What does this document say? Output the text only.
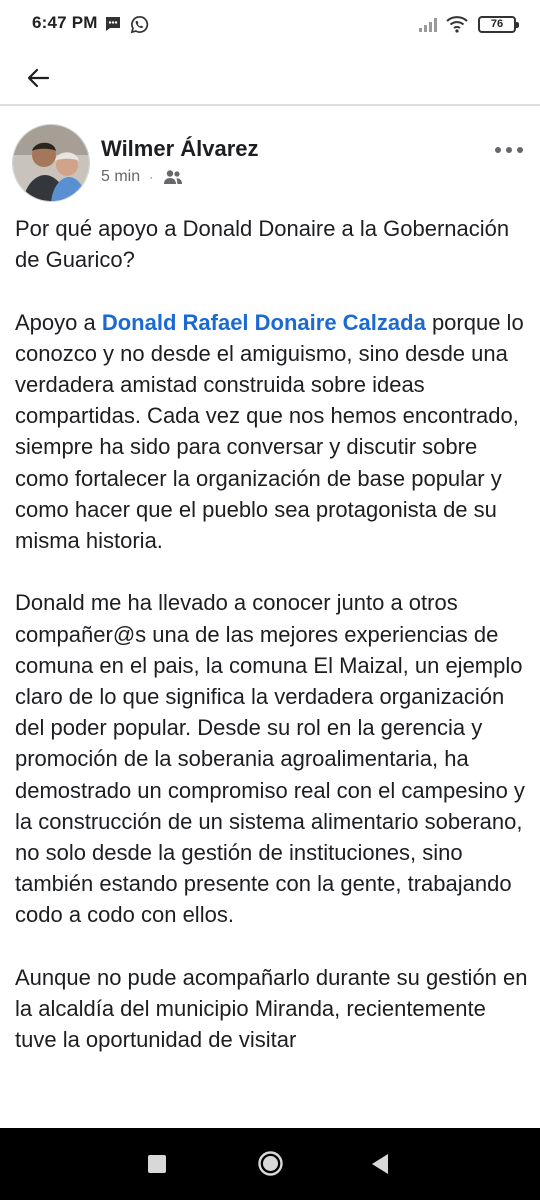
6:47 PM	76
Wilmer Álvarez
5 min ·

Por qué apoyo a Donald Donaire a la Gobernación de Guarico?

Apoyo a Donald Rafael Donaire Calzada porque lo conozco y no desde el amiguismo, sino desde una verdadera amistad construida sobre ideas compartidas. Cada vez que nos hemos encontrado, siempre ha sido para conversar y discutir sobre como fortalecer la organización de base popular y como hacer que el pueblo sea protagonista de su misma historia.

Donald me ha llevado a conocer junto a otros compañer@s una de las mejores experiencias de comuna en el pais, la comuna El Maizal, un ejemplo claro de lo que significa la verdadera organización del poder popular. Desde su rol en la gerencia y promoción de la soberania agroalimentaria, ha demostrado un compromiso real con el campesino y la construcción de un sistema alimentario soberano, no solo desde la gestión de instituciones, sino también estando presente con la gente, trabajando codo a codo con ellos.

Aunque no pude acompañarlo durante su gestión en la alcaldía del municipio Miranda, recientemente tuve la oportunidad de visitar
